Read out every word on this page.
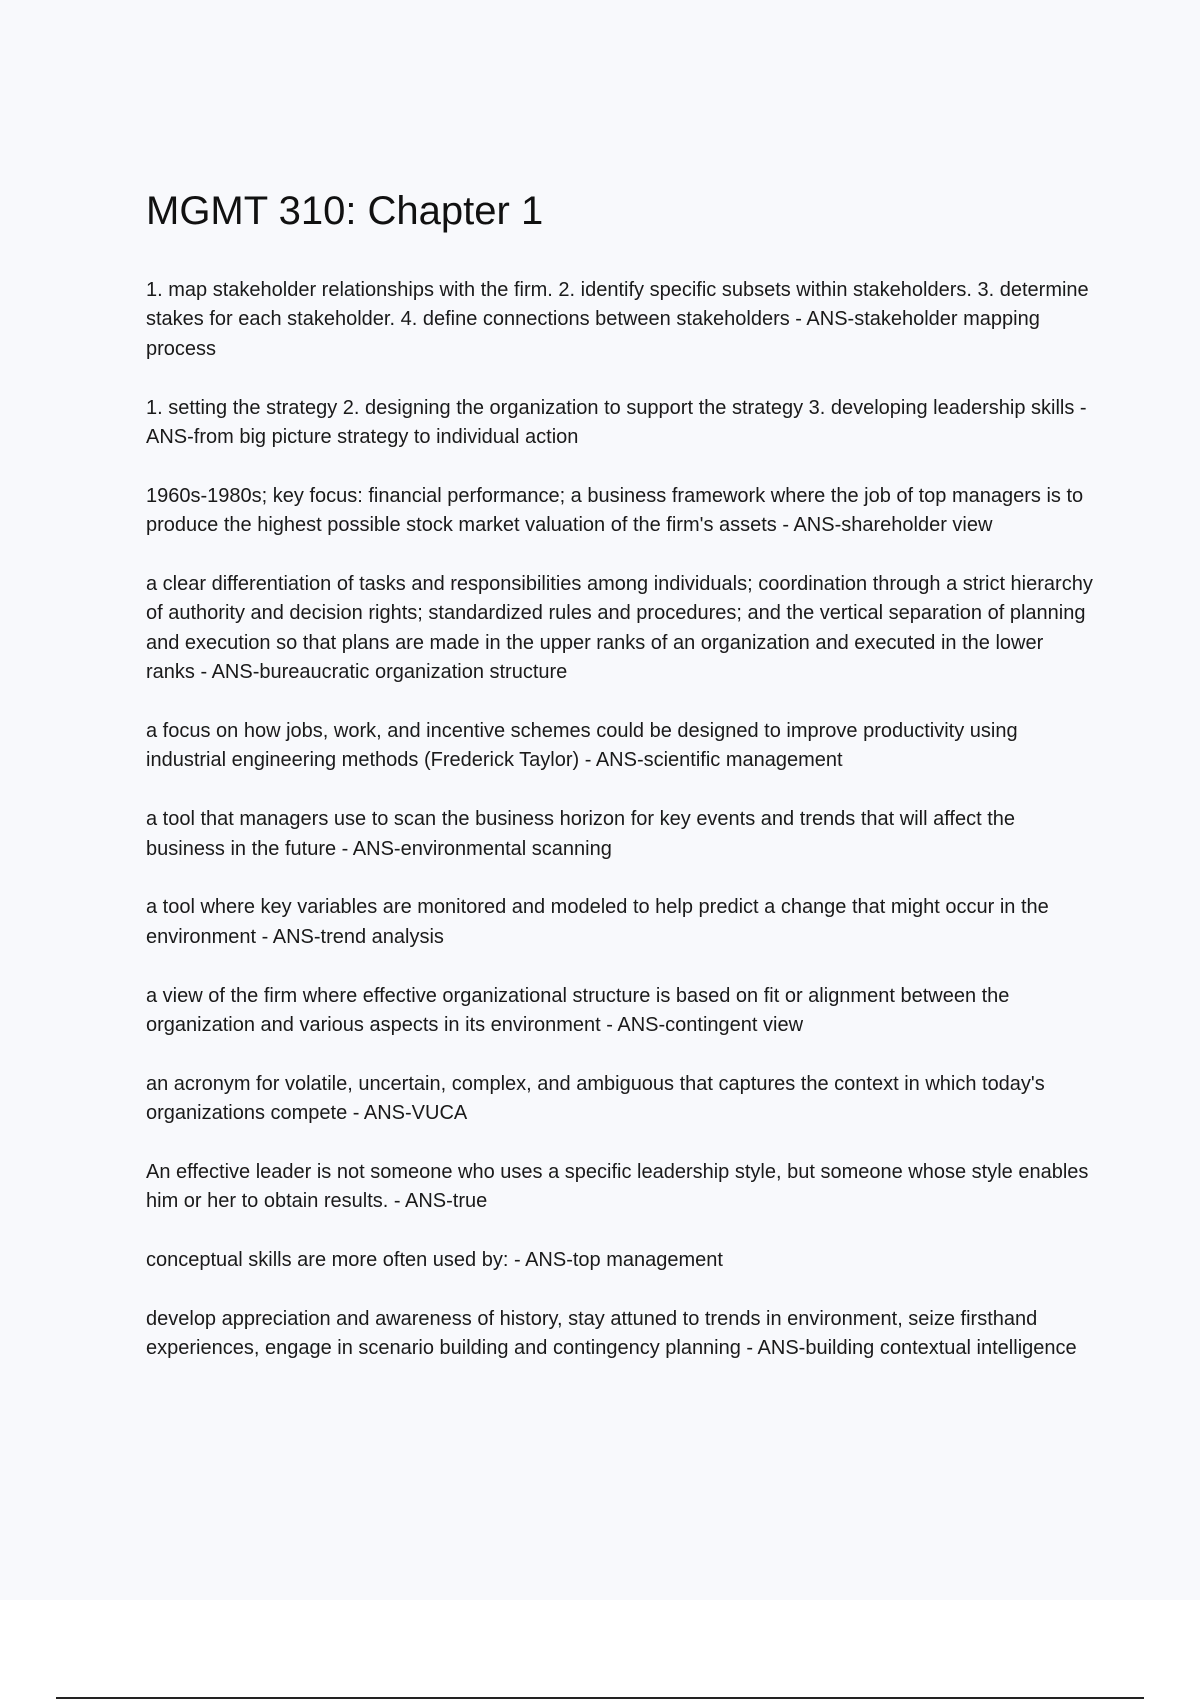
MGMT 310: Chapter 1

1. map stakeholder relationships with the firm. 2. identify specific subsets within stakeholders. 3. determine stakes for each stakeholder. 4. define connections between stakeholders - ANS-stakeholder mapping process

1. setting the strategy 2. designing the organization to support the strategy 3. developing leadership skills - ANS-from big picture strategy to individual action

1960s-1980s; key focus: financial performance; a business framework where the job of top managers is to produce the highest possible stock market valuation of the firm's assets - ANS-shareholder view

a clear differentiation of tasks and responsibilities among individuals; coordination through a strict hierarchy of authority and decision rights; standardized rules and procedures; and the vertical separation of planning and execution so that plans are made in the upper ranks of an organization and executed in the lower ranks - ANS-bureaucratic organization structure

a focus on how jobs, work, and incentive schemes could be designed to improve productivity using industrial engineering methods (Frederick Taylor) - ANS-scientific management

a tool that managers use to scan the business horizon for key events and trends that will affect the business in the future - ANS-environmental scanning

a tool where key variables are monitored and modeled to help predict a change that might occur in the environment - ANS-trend analysis

a view of the firm where effective organizational structure is based on fit or alignment between the organization and various aspects in its environment - ANS-contingent view

an acronym for volatile, uncertain, complex, and ambiguous that captures the context in which today's organizations compete - ANS-VUCA

An effective leader is not someone who uses a specific leadership style, but someone whose style enables him or her to obtain results. - ANS-true

conceptual skills are more often used by: - ANS-top management

develop appreciation and awareness of history, stay attuned to trends in environment, seize firsthand experiences, engage in scenario building and contingency planning - ANS-building contextual intelligence
